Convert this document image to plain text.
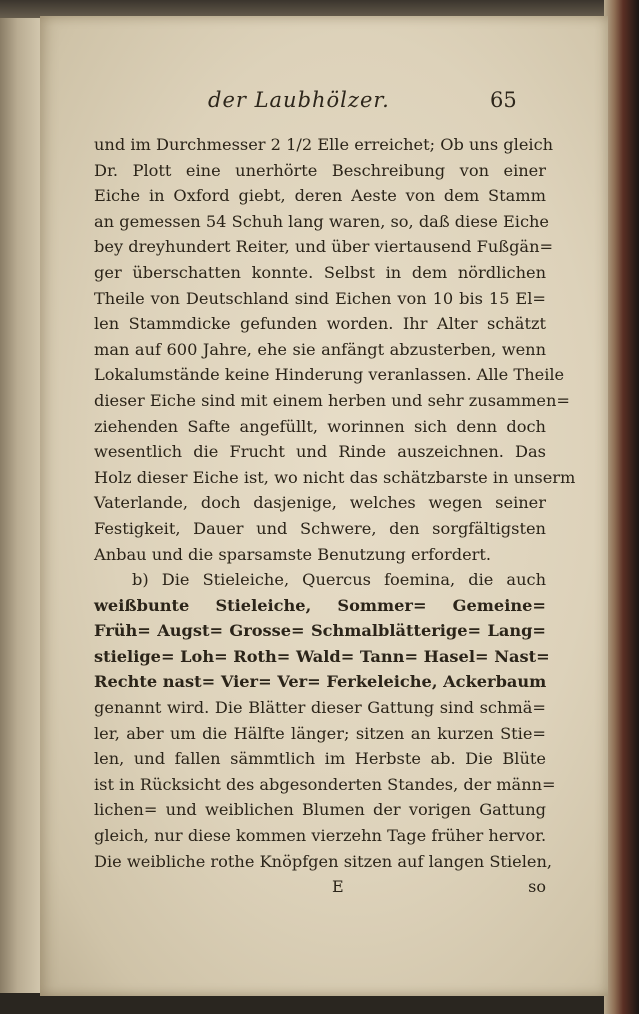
der Laubhölzer.	65
und im Durchmesser 2 1/2 Elle erreichet; Ob uns gleich
Dr. Plott eine unerhörte Beschreibung von einer
Eiche in Oxford giebt, deren Aeste von dem Stamm
an gemessen 54 Schuh lang waren, so, daß diese Eiche
bey dreyhundert Reiter, und über viertausend Fußgän=
ger überschatten konnte. Selbst in dem nördlichen
Theile von Deutschland sind Eichen von 10 bis 15 El=
len Stammdicke gefunden worden. Ihr Alter schätzt
man auf 600 Jahre, ehe sie anfängt abzusterben, wenn
Lokalumstände keine Hinderung veranlassen. Alle Theile
dieser Eiche sind mit einem herben und sehr zusammen=
ziehenden Safte angefüllt, worinnen sich denn doch
wesentlich die Frucht und Rinde auszeichnen. Das
Holz dieser Eiche ist, wo nicht das schätzbarste in unserm
Vaterlande, doch dasjenige, welches wegen seiner
Festigkeit, Dauer und Schwere, den sorgfältigsten
Anbau und die sparsamste Benutzung erfordert.
b) Die Stieleiche, Quercus foemina, die auch
weißbunte Stieleiche, Sommer= Gemeine=
Früh= Augst= Grosse= Schmalblätterige= Lang=
stielige= Loh= Roth= Wald= Tann= Hasel= Nast=
Rechte nast= Vier= Ver= Ferkeleiche, Ackerbaum
genannt wird. Die Blätter dieser Gattung sind schmä=
ler, aber um die Hälfte länger; sitzen an kurzen Stie=
len, und fallen sämmtlich im Herbste ab. Die Blüte
ist in Rücksicht des abgesonderten Standes, der männ=
lichen= und weiblichen Blumen der vorigen Gattung
gleich, nur diese kommen vierzehn Tage früher hervor.
Die weibliche rothe Knöpfgen sitzen auf langen Stielen,
E	so
